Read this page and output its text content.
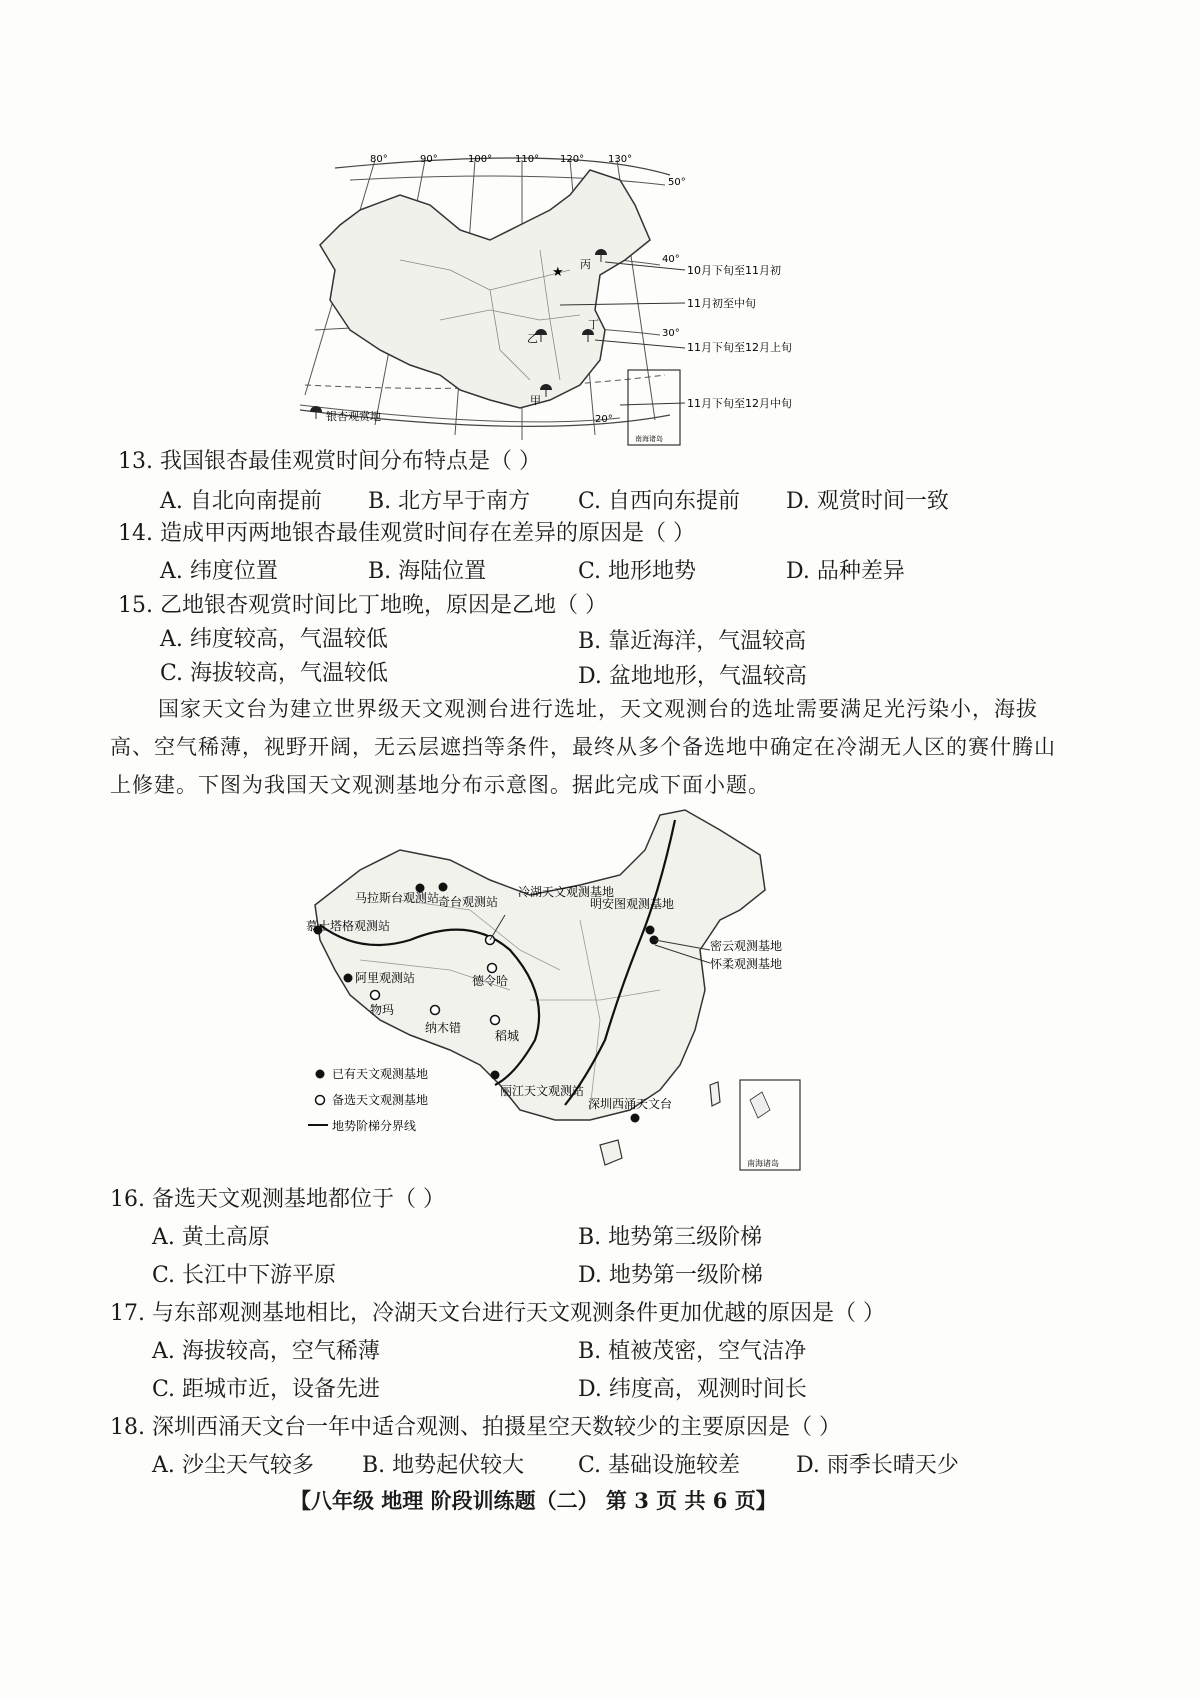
★
80°	90°	100° 110° 120° 130°
50°
40°
30°
20°
10月下旬至11月初
11月初至中旬
11月下旬至12月上旬
11月下旬至12月中旬
甲
乙
丙
丁
银杏观赏地
南海诸岛
13. 我国银杏最佳观赏时间分布特点是（ ）
A. 自北向南提前 B. 北方早于南方 C. 自西向东提前 D. 观赏时间一致
14. 造成甲丙两地银杏最佳观赏时间存在差异的原因是（ ）
A. 纬度位置	B. 海陆位置	C. 地形地势	D. 品种差异
15. 乙地银杏观赏时间比丁地晚，原因是乙地（ ）
A. 纬度较高，气温较低	B. 靠近海洋，气温较高
C. 海拔较高，气温较低	D. 盆地地形，气温较高
国家天文台为建立世界级天文观测台进行选址，天文观测台的选址需要满足光污染小，海拔高、空气稀薄，视野开阔，无云层遮挡等条件，最终从多个备选地中确定在冷湖无人区的赛什腾山上修建。下图为我国天文观测基地分布示意图。据此完成下面小题。
马拉斯台观测站
奇台观测站
冷湖天文观测基地
明安图观测基地
慕士塔格观测站
密云观测基地
怀柔观测基地
阿里观测站	德令哈
物玛
纳木错
稻城
丽江天文观测站
深圳西涌天文台
已有天文观测基地
备选天文观测基地
地势阶梯分界线
南海诸岛
16. 备选天文观测基地都位于（ ）
A. 黄土高原	B. 地势第三级阶梯
C. 长江中下游平原	D. 地势第一级阶梯
17. 与东部观测基地相比，冷湖天文台进行天文观测条件更加优越的原因是（ ）
A. 海拔较高，空气稀薄	B. 植被茂密，空气洁净
C. 距城市近，设备先进	D. 纬度高，观测时间长
18. 深圳西涌天文台一年中适合观测、拍摄星空天数较少的主要原因是（ ）
A. 沙尘天气较多 B. 地势起伏较大 C. 基础设施较差	D. 雨季长晴天少
【八年级 地理 阶段训练题（二） 第 3 页 共 6 页】
